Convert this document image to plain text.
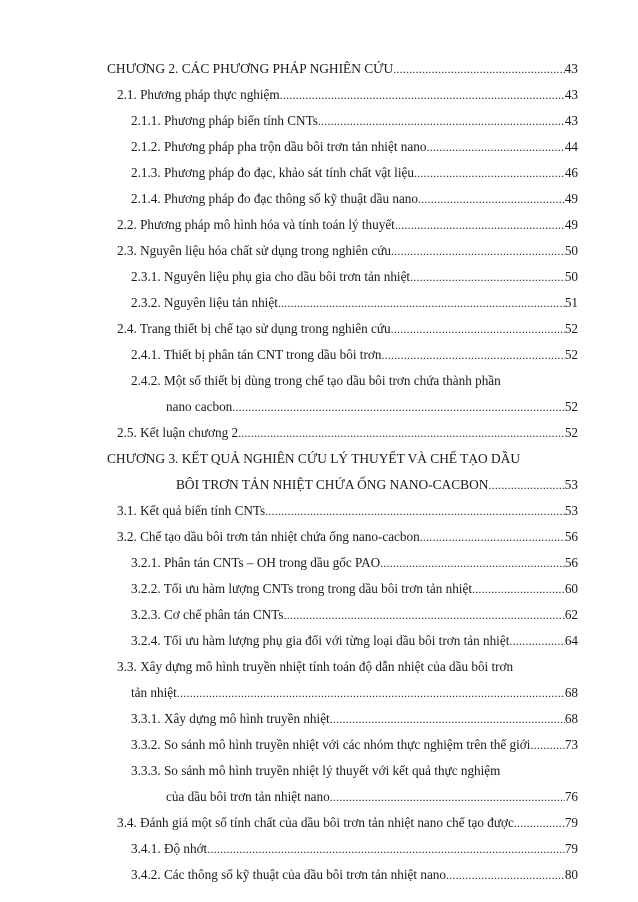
CHƯƠNG 2. CÁC PHƯƠNG PHÁP NGHIÊN CỨU .....	43
2.1. Phương pháp thực nghiệm .....	43
2.1.1. Phương pháp biến tính CNTs .....	43
2.1.2. Phương pháp pha trộn dầu bôi trơn tản nhiệt nano .....	44
2.1.3. Phương pháp đo đạc, khảo sát tính chất vật liệu .....	46
2.1.4. Phương pháp đo đạc thông số kỹ thuật dầu nano .....	49
2.2. Phương pháp mô hình hóa và tính toán lý thuyết .....	49
2.3. Nguyên liệu hóa chất sử dụng trong nghiên cứu .....	50
2.3.1. Nguyên liệu phụ gia cho dầu bôi trơn tản nhiệt .....	50
2.3.2. Nguyên liệu tản nhiệt .....	51
2.4. Trang thiết bị chế tạo sử dụng trong nghiên cứu .....	52
2.4.1. Thiết bị phân tán CNT trong dầu bôi trơn .....	52
2.4.2. Một số thiết bị dùng trong chế tạo dầu bôi trơn chứa thành phần
nano cacbon .....	52
2.5. Kết luận chương 2 .....	52
CHƯƠNG 3. KẾT QUẢ NGHIÊN CỨU LÝ THUYẾT VÀ CHẾ TẠO DẦU
BÔI TRƠN TẢN NHIỆT CHỨA ỐNG NANO-CACBON .....	53
3.1. Kết quả biến tính CNTs .....	53
3.2. Chế tạo dầu bôi trơn tản nhiệt chứa ống nano-cacbon .....	56
3.2.1. Phân tán CNTs – OH trong dầu gốc PAO .....	56
3.2.2. Tối ưu hàm lượng CNTs trong trong dầu bôi trơn tản nhiệt .....	60
3.2.3. Cơ chế phân tán CNTs .....	62
3.2.4. Tối ưu hàm lượng phụ gia đối với từng loại dầu bôi trơn tản nhiệt .....	64
3.3. Xây dựng mô hình truyền nhiệt tính toán độ dẫn nhiệt của dầu bôi trơn
tản nhiệt .....	68
3.3.1. Xây dựng mô hình truyền nhiệt .....	68
3.3.2. So sánh mô hình truyền nhiệt với các nhóm thực nghiệm trên thế giới .....	73
3.3.3. So sánh mô hình truyền nhiệt lý thuyết với kết quả thực nghiệm
của dầu bôi trơn tản nhiệt nano .....	76
3.4. Đánh giá một số tính chất của dầu bôi trơn tản nhiệt nano chế tạo được .....	79
3.4.1. Độ nhớt .....	79
3.4.2. Các thông số kỹ thuật của dầu bôi trơn tản nhiệt nano .....	80
